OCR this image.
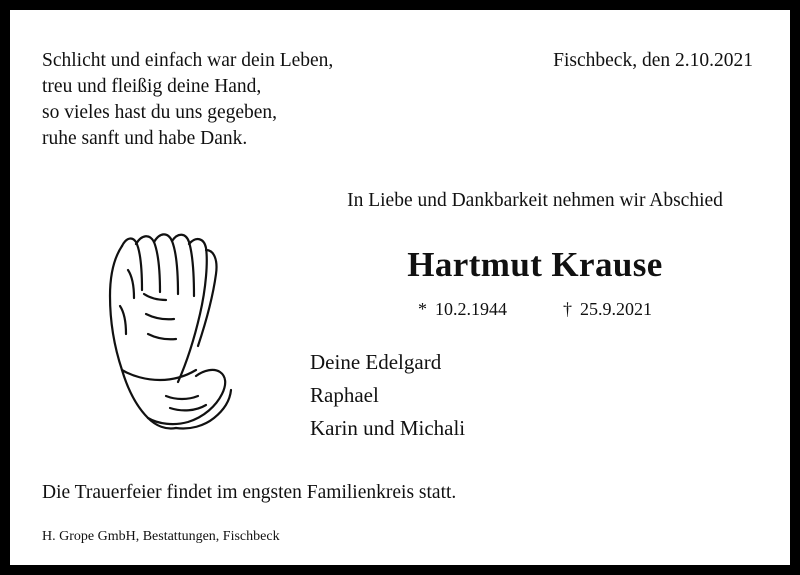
Schlicht und einfach war dein Leben,
treu und fleißig deine Hand,
so vieles hast du uns gegeben,
ruhe sanft und habe Dank.
Fischbeck, den 2.10.2021
In Liebe und Dankbarkeit nehmen wir Abschied
Hartmut Krause
* 10.2.1944	† 25.9.2021
Deine Edelgard
Raphael
Karin und Michali
Die Trauerfeier findet im engsten Familienkreis statt.
H. Grope GmbH, Bestattungen, Fischbeck
